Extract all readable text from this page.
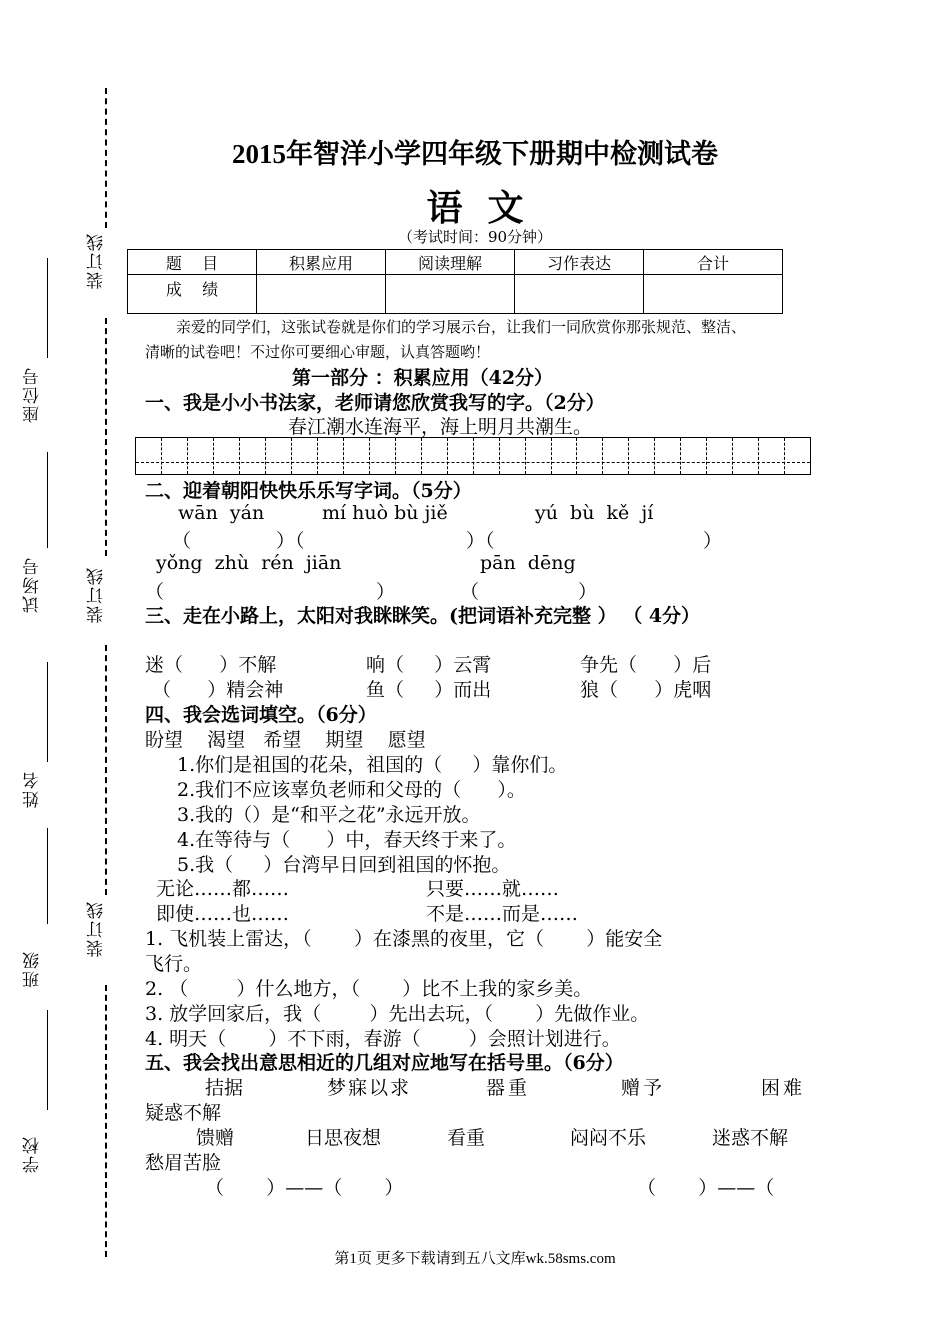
装订线
装订线
装订线
座位号
试场号
姓名
班级
学校
2015年智洋小学四年级下册期中检测试卷
语  文
（考试时间：90分钟）
题    目	积累应用	阅读理解	习作表达	合计
成    绩				
亲爱的同学们，这张试卷就是你们的学习展示台，让我们一同欣赏你那张规范、整洁、
清晰的试卷吧！不过你可要细心审题，认真答题哟！
第一部分 ：积累应用（42分）
一、我是小小书法家，老师请您欣赏我写的字。（2分）
春江潮水连海平，海上明月共潮生。
二、迎着朝阳快快乐乐写字词。（5分）
wān  yán	mí huò bù jiě	yú  bù  kě  jí
（	）（	）（	）
yǒng  zhù  rén  jiān	pān  dēng
（	）	（	）
三、走在小路上，太阳对我眯眯笑。(把词语补充完整 ） （ 4分）
迷（      ）不解	响（     ）云霄	争先（      ）后
（      ）精会神	鱼（     ）而出	狼（      ）虎咽
四、我会选词填空。（6分）
盼望    渴望   希望    期望    愿望
1.你们是祖国的花朵，祖国的（     ）靠你们。
2.我们不应该辜负老师和父母的（      ）。
3.我的（）是“和平之花”永远开放。
4.在等待与（      ）中，春天终于来了。
5.我（     ）台湾早日回到祖国的怀抱。
无论……都……	只要……就……
即使……也……	不是……而是……
1. 飞机装上雷达，（       ）在漆黑的夜里，它（       ）能安全
飞行。
2. （        ）什么地方，（       ）比不上我的家乡美。
3. 放学回家后，我（        ）先出去玩，（       ）先做作业。
4. 明天（       ）不下雨，春游（        ）会照计划进行。
五、我会找出意思相近的几组对应地写在括号里。（6分）
拮据	梦寐以求	器重	赠予	困难
疑惑不解
馈赠	日思夜想	看重	闷闷不乐	迷惑不解
愁眉苦脸
（       ）——（       ）	（       ）——（
第1页 更多下载请到五八文库wk.58sms.com
